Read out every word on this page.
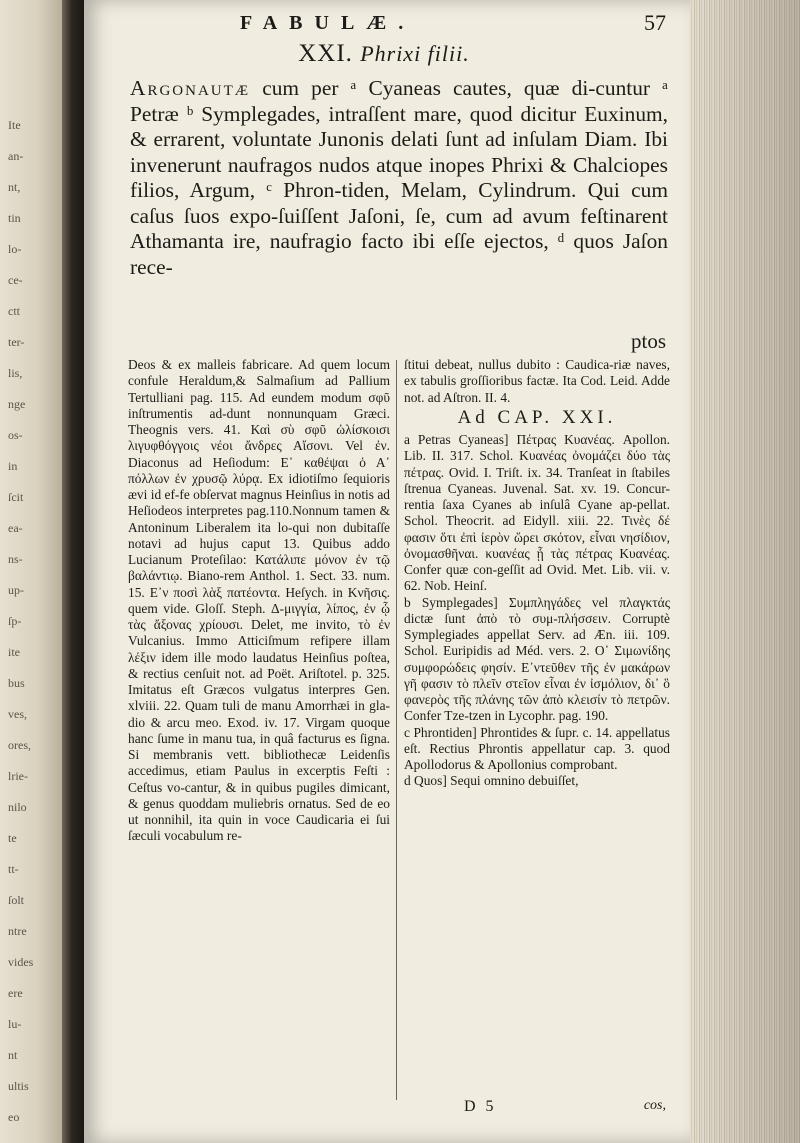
Ite
an-
nt,
tin
lo-
ce-
ctt
ter-
lis,
nge
os-
in
ſcit
ea-
ns-
up-
ſp-
ite
bus
ves,
ores,
lrie-
nilo
te
tt-
ſolt
ntre
vides
ere
lu-
nt
ultis
eo
FABULÆ.	57
XXI. Phrixi filii.
Argonautæ cum per ᵃ Cyaneas cautes, quæ di-cuntur ᵃ Petræ ᵇ Symplegades, intraſſent mare, quod dicitur Euxinum, & errarent, voluntate Junonis delati ſunt ad inſulam Diam. Ibi invenerunt naufragos nudos atque inopes Phrixi & Chalciopes filios, Argum, ᶜ Phron-tiden, Melam, Cylindrum. Qui cum caſus ſuos expo-ſuiſſent Jaſoni, ſe, cum ad avum feſtinarent Athamanta ire, naufragio facto ibi eſſe ejectos, ᵈ quos Jaſon rece-
ptos
Deos & ex malleis fabricare. Ad quem locum confule Heraldum,& Salmaſium ad Pallium Tertulliani pag. 115. Ad eundem modum σφῦ inſtrumentis ad-dunt nonnunquam Græci. Theognis vers. 41. Καὶ σὺ σφῦ ὠλίσκοισι λιγυφθόγγοις νέοι ἄνδρες Αἴσονι. Vel ἐν. Diaconus ad Heſiodum: Ε᾽ καθέψαι ὁ Α᾽ πόλλων ἐν χρυσῷ λύρᾳ. Ex idiotiſmo ſequioris ævi id ef-fe obſervat magnus Heinſius in notis ad Heſiodeos interpretes pag.110.Nonnum tamen & Antoninum Liberalem ita lo-qui non dubitaſſe notavi ad hujus caput 13. Quibus addo Lucianum Proteſilao: Κατάλιπε μόνον ἐν τῷ βαλάντιῳ. Biano-rem Anthol. 1. Sect. 33. num. 15. Ε᾽ν ποσὶ λὰξ πατέοντα. Heſych. in Κνῆσις. quem vide. Gloſſ. Steph. Δ-μιγγία, λίπος, ἐν ᾧ τὰς ἄξονας χρίουσι. Delet, me invito, τὸ ἐν Vulcanius. Immo Atticiſmum refipere illam λέξιν idem ille modo laudatus Heinſius poſtea, & rectius cenſuit not. ad Poët. Ariſtotel. p. 325. Imitatus eſt Græcos vulgatus interpres Gen. xlviii. 22. Quam tuli de manu Amorrhæi in gla-dio & arcu meo. Exod. iv. 17. Virgam quoque hanc ſume in manu tua, in quâ facturus es ſigna. Si membranis vett. bibliothecæ Leidenſis accedimus, etiam Paulus in excerptis Feſti : Ceſtus vo-cantur, & in quibus pugiles dimicant, & genus quoddam muliebris ornatus. Sed de eo ut nonnihil, ita quin in voce Caudicaria ei ſui ſæculi vocabulum re-
ſtitui debeat, nullus dubito : Caudica-riæ naves, ex tabulis groſſioribus factæ. Ita Cod. Leid. Adde not. ad Aſtron. II. 4.
Ad CAP. XXI.
a Petras Cyaneas] Πέτρας Κυανέας. Apollon. Lib. II. 317. Schol. Κυανέας ὀνομάζει δύο τὰς πέτρας. Ovid. I. Triſt. ix. 34. Tranſeat in ſtabiles ſtrenua Cyaneas. Juvenal. Sat. xv. 19. Concur-rentia ſaxa Cyanes ab inſulâ Cyane ap-pellat. Schol. Theocrit. ad Eidyll. xiii. 22. Τινὲς δέ φασιν ὅτι ἐπὶ ἰερὸν ὥρει σκότον, εἶναι νησίδιον, ὀνομασθῆναι. κυανέας ᾗ τὰς πέτρας Κυανέας. Confer quæ con-geſſit ad Ovid. Met. Lib. vii. v. 62. Nob. Heinſ.
b Symplegades] Συμπληγάδες vel πλαγκτάς dictæ ſunt ἀπὸ τὸ συμ-πλήσσειν. Corruptè Symplegiades appellat Serv. ad Æn. iii. 109. Schol. Euripidis ad Méd. vers. 2. Ο᾽ Σιμωνίδης συμφορώδεις φησίν. Ε᾽ντεῦθεν τῆς ἐν μακάρων γῆ φασιν τὸ πλεῖν στεῖον εἶναι ἐν ἰσμόλιον, δι᾽ ὃ φανερὸς τῆς πλάνης τῶν ἀπὸ κλεισίν τὸ πετρῶν. Confer Tze-tzen in Lycophr. pag. 190.
c Phrontiden] Phrontides & ſupr. c. 14. appellatus eſt. Rectius Phrontis appellatur cap. 3. quod Apollodorus & Apollonius comprobant.
d Quos] Sequi omnino debuiſſet,
D 5	cos,
